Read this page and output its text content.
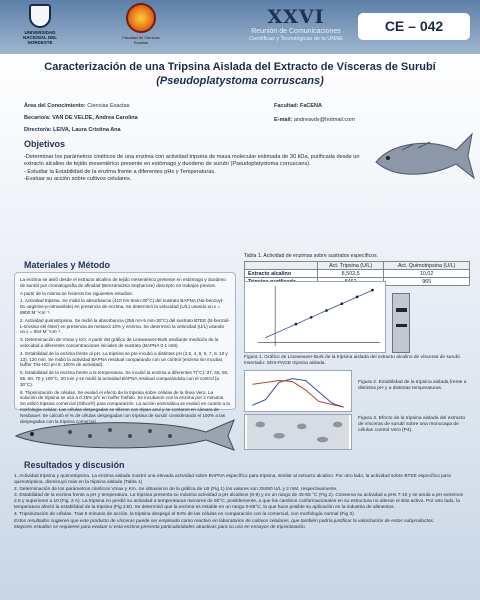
UNIVERSIDAD NACIONAL DEL NORDESTE
Facultad de Ciencias Exactas
XXVI
Reunión de Comunicaciones
Científicas y Tecnológicas de la UNNE
CE – 042
Caracterización de una Tripsina Aislada del Extracto de Vísceras de Surubí
(Pseudoplatystoma corruscans)
Área del Conocimiento: Ciencias Exactas
Becario/a: VAN DE VELDE, Andrea Carolina
Director/a: LEIVA, Laura Cristina Ana
Facultad: FaCENA
E-mail: andreavdv@hotmail.com
Objetivos

-Determinar los parámetros cinéticos de una enzima con actividad tripsina de masa molecular estimada de 30 kDa, purificada desde un extracto alcalino de tejido mesentérico presente en estómago y duodeno de surubí (Pseudoplatystoma corruscans).

- Estudiar la Estabilidad de la enzima frente a diferentes pHs y Temperaturas.

-Evaluar su acción sobre cultivos celulares.

Materiales y Método

La enzima se aisló desde el extracto alcalino de tejido mesentérico presente en estómago y duodeno de surubí por cromatografía de afinidad (Benzamidina Sepharose) descripto en trabajos previos.

A partir de la misma se hicieron los siguientes estudios:

1. Actividad tripsina. Se midió la absorbancia (410 nm-5min-30°C) del sustrato BAPNA (Nα-benzoyl-DL-arginine-p-nitroanilide) en presencia de enzima. Se determinó la velocidad (U/L) usando un ε = 8800 M⁻¹cm⁻¹.

2. Actividad quimotripsina. Se midió la absorbancia (256 nm-5 min-30°C) del sustrato BTEE (N-benzoil-L-tirosina etil éster) en presencia de metanol 10% y enzima. Se determinó la velocidad (U/L) usando un ε = 964 M⁻¹cm⁻¹.

3. Determinación de Vmax y Km: A partir del gráfico de Lineweaver-Burk mediante medición de la velocidad a diferentes concentraciones iniciales de sustrato (BAPNA 0-1 mM).

4. Estabilidad de la enzima frente al pH. La tripsina se pre-incubó a distintos pH (2.5, 4, 5, 6, 7, 8, 10 y 13), 120 min. Se midió la actividad BAPNA residual comparando con un control (enzima sin incubar, buffer Tris-HCl pH 8, 100% de actividad).

5. Estabilidad de la enzima frente a la temperatura. Se incubó la enzima a diferentes T(°C): 37, 45, 50, 55, 60, 70 y 100°C, 30 min y se midió la actividad BAPNA residual comparándola con el control (a 30°C).

6. Tripsinización de células. Se evaluó el efecto de la tripsina sobre células de la línea Vero. La solución de tripsina se usó a 0.25% p/V en buffer fosfato. Se incubaron con la enzima por 2 minutos. Se utilizó tripsina comercial (Gibco®) para comparación. La acción enzimática se evaluó en cuanto a la morfología celular. Las células despegadas se tiñeron con tripan azul y se contaron en cámara de Neubauer. Se calculó el % de células despegadas con tripsina de surubí considerando el 100% a las despegadas con la tripsina comercial.

Tabla 1. Actividad de enzimas sobre sustratos específicos.
	Act. Tripsina (U/L)	Act. Quimotripsina (U/L)
Extracto alcalino	8,502,5	10,02
Tripsina purificada	8462	965
Figura 1. Gráfico de Lineweaver-Burk de la tripsina aislada del extracto alcalino de vísceras de surubí. Insertado: SDS-PAGE tripsina aislada.
Figura 2. Estabilidad de la tripsina aislada frente a distintos pH y a distintas temperaturas.
Figura 3. Efecto de la tripsina aislada del extracto de vísceras de surubí sobre una monocapa de células control Vero (P4).
Resultados y discusión

1. Actividad tripsina y quimotripsina. La enzima aislada mostró una elevada actividad sobre BAPNA específico para tripsina, similar al extracto alcalino. Por otro lado, la actividad sobre BTEE específico para quimotripsina, disminuyó más en la tripsina aislada (Tabla 1)

2. Determinación de los parámetros cinéticos Vmax y Km. Se obtuvieron de la gráfica de LB (Fig 1) los valores son 28490 U/L y 2 mM, respectivamente.

3. Estabilidad de la enzima frente a pH y temperatura. La tripsina presenta su máxima actividad a pH alcalinos (8-9) y en un rango de 45-55 °C (Fig 2). Conserva su actividad a pHs 7-10 y se anula a pH extremos 2.5 y superiores a 10 (Fig. 2 A). La tripsina no perdió su actividad a temperaturas menores de 50°C, posiblemente, a que los cambios conformacionales en su estructura no alteran el sitio activo. Por otro lado, la temperatura afectó la estabilidad de la tripsina (Fig 2.B). Se determinó que la enzima es estable en un rango 0-55°C, lo que hace posible su aplicación en la industria de alimentos.

4. Tripsinización de células. Tras 5 minutos de acción, la tripsina despegó el 84% de las células en comparación con la comercial, con morfología normal (Fig 3).

Estos resultados sugieren que este producto de vísceras puede ser empleado como reactivo en laboratorios de cultivos celulares, que también podría justificar la valorización de estos subproductos.

Mayores estudios se requieren para evaluar si esta enzima presenta particularidades atractivas para su uso en ensayos de tripsinización.
